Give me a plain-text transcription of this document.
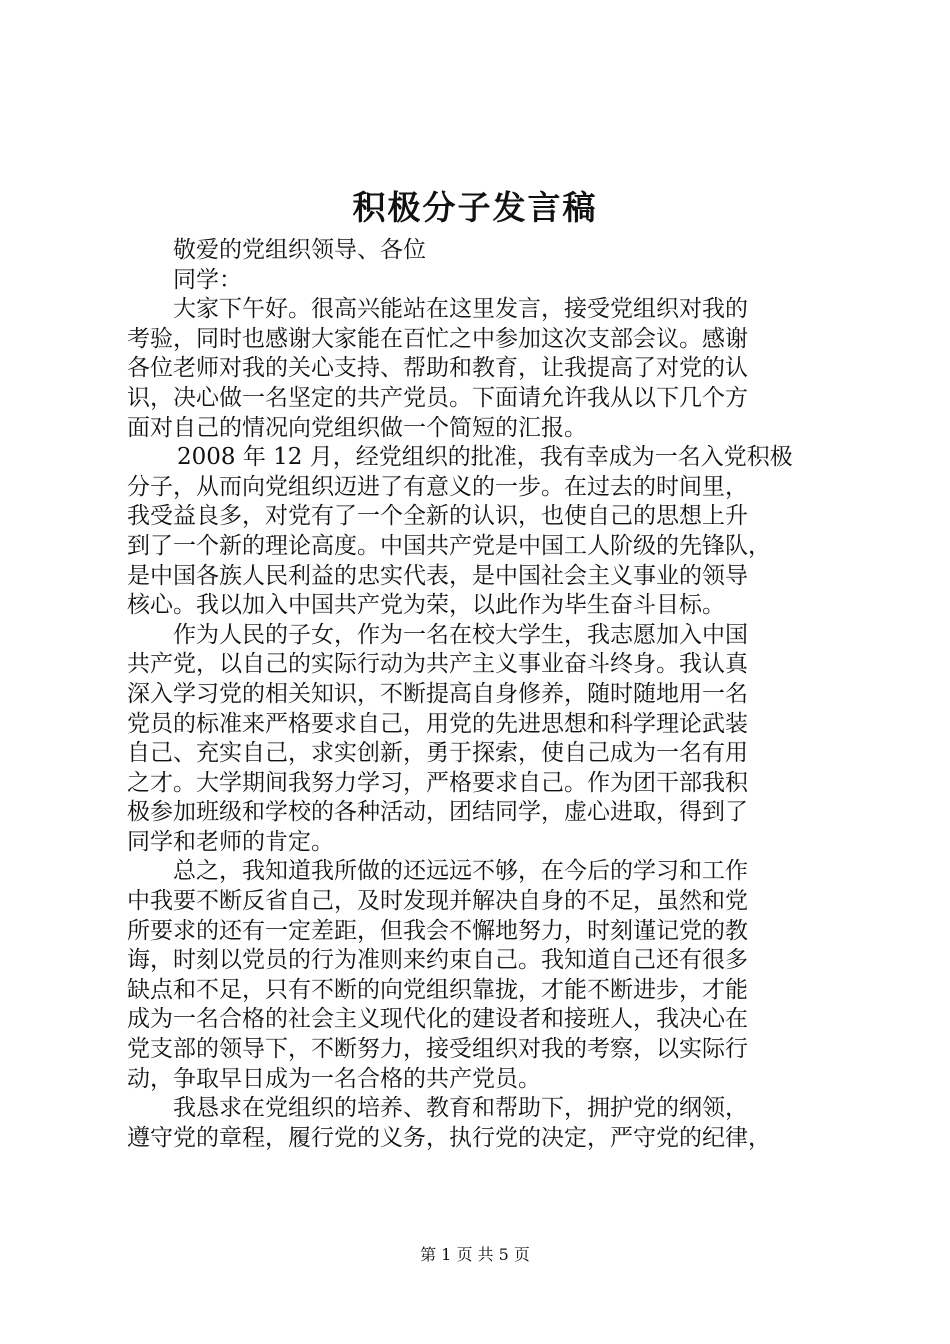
积极分子发言稿
敬爱的党组织领导、各位
同学：
大家下午好。很高兴能站在这里发言，接受党组织对我的
考验，同时也感谢大家能在百忙之中参加这次支部会议。感谢
各位老师对我的关心支持、帮助和教育，让我提高了对党的认
识，决心做一名坚定的共产党员。下面请允许我从以下几个方
面对自己的情况向党组织做一个简短的汇报。
2008 年 12 月，经党组织的批准，我有幸成为一名入党积极
分子，从而向党组织迈进了有意义的一步。在过去的时间里，
我受益良多，对党有了一个全新的认识，也使自己的思想上升
到了一个新的理论高度。中国共产党是中国工人阶级的先锋队，
是中国各族人民利益的忠实代表，是中国社会主义事业的领导
核心。我以加入中国共产党为荣，以此作为毕生奋斗目标。
作为人民的子女，作为一名在校大学生，我志愿加入中国
共产党，以自己的实际行动为共产主义事业奋斗终身。我认真
深入学习党的相关知识，不断提高自身修养，随时随地用一名
党员的标准来严格要求自己，用党的先进思想和科学理论武装
自己、充实自己，求实创新，勇于探索，使自己成为一名有用
之才。大学期间我努力学习，严格要求自己。作为团干部我积
极参加班级和学校的各种活动，团结同学，虚心进取，得到了
同学和老师的肯定。
总之，我知道我所做的还远远不够，在今后的学习和工作
中我要不断反省自己，及时发现并解决自身的不足，虽然和党
所要求的还有一定差距，但我会不懈地努力，时刻谨记党的教
诲，时刻以党员的行为准则来约束自己。我知道自己还有很多
缺点和不足，只有不断的向党组织靠拢，才能不断进步，才能
成为一名合格的社会主义现代化的建设者和接班人，我决心在
党支部的领导下，不断努力，接受组织对我的考察，以实际行
动，争取早日成为一名合格的共产党员。
我恳求在党组织的培养、教育和帮助下，拥护党的纲领，
遵守党的章程，履行党的义务，执行党的决定，严守党的纪律，
第 1 页 共 5 页
